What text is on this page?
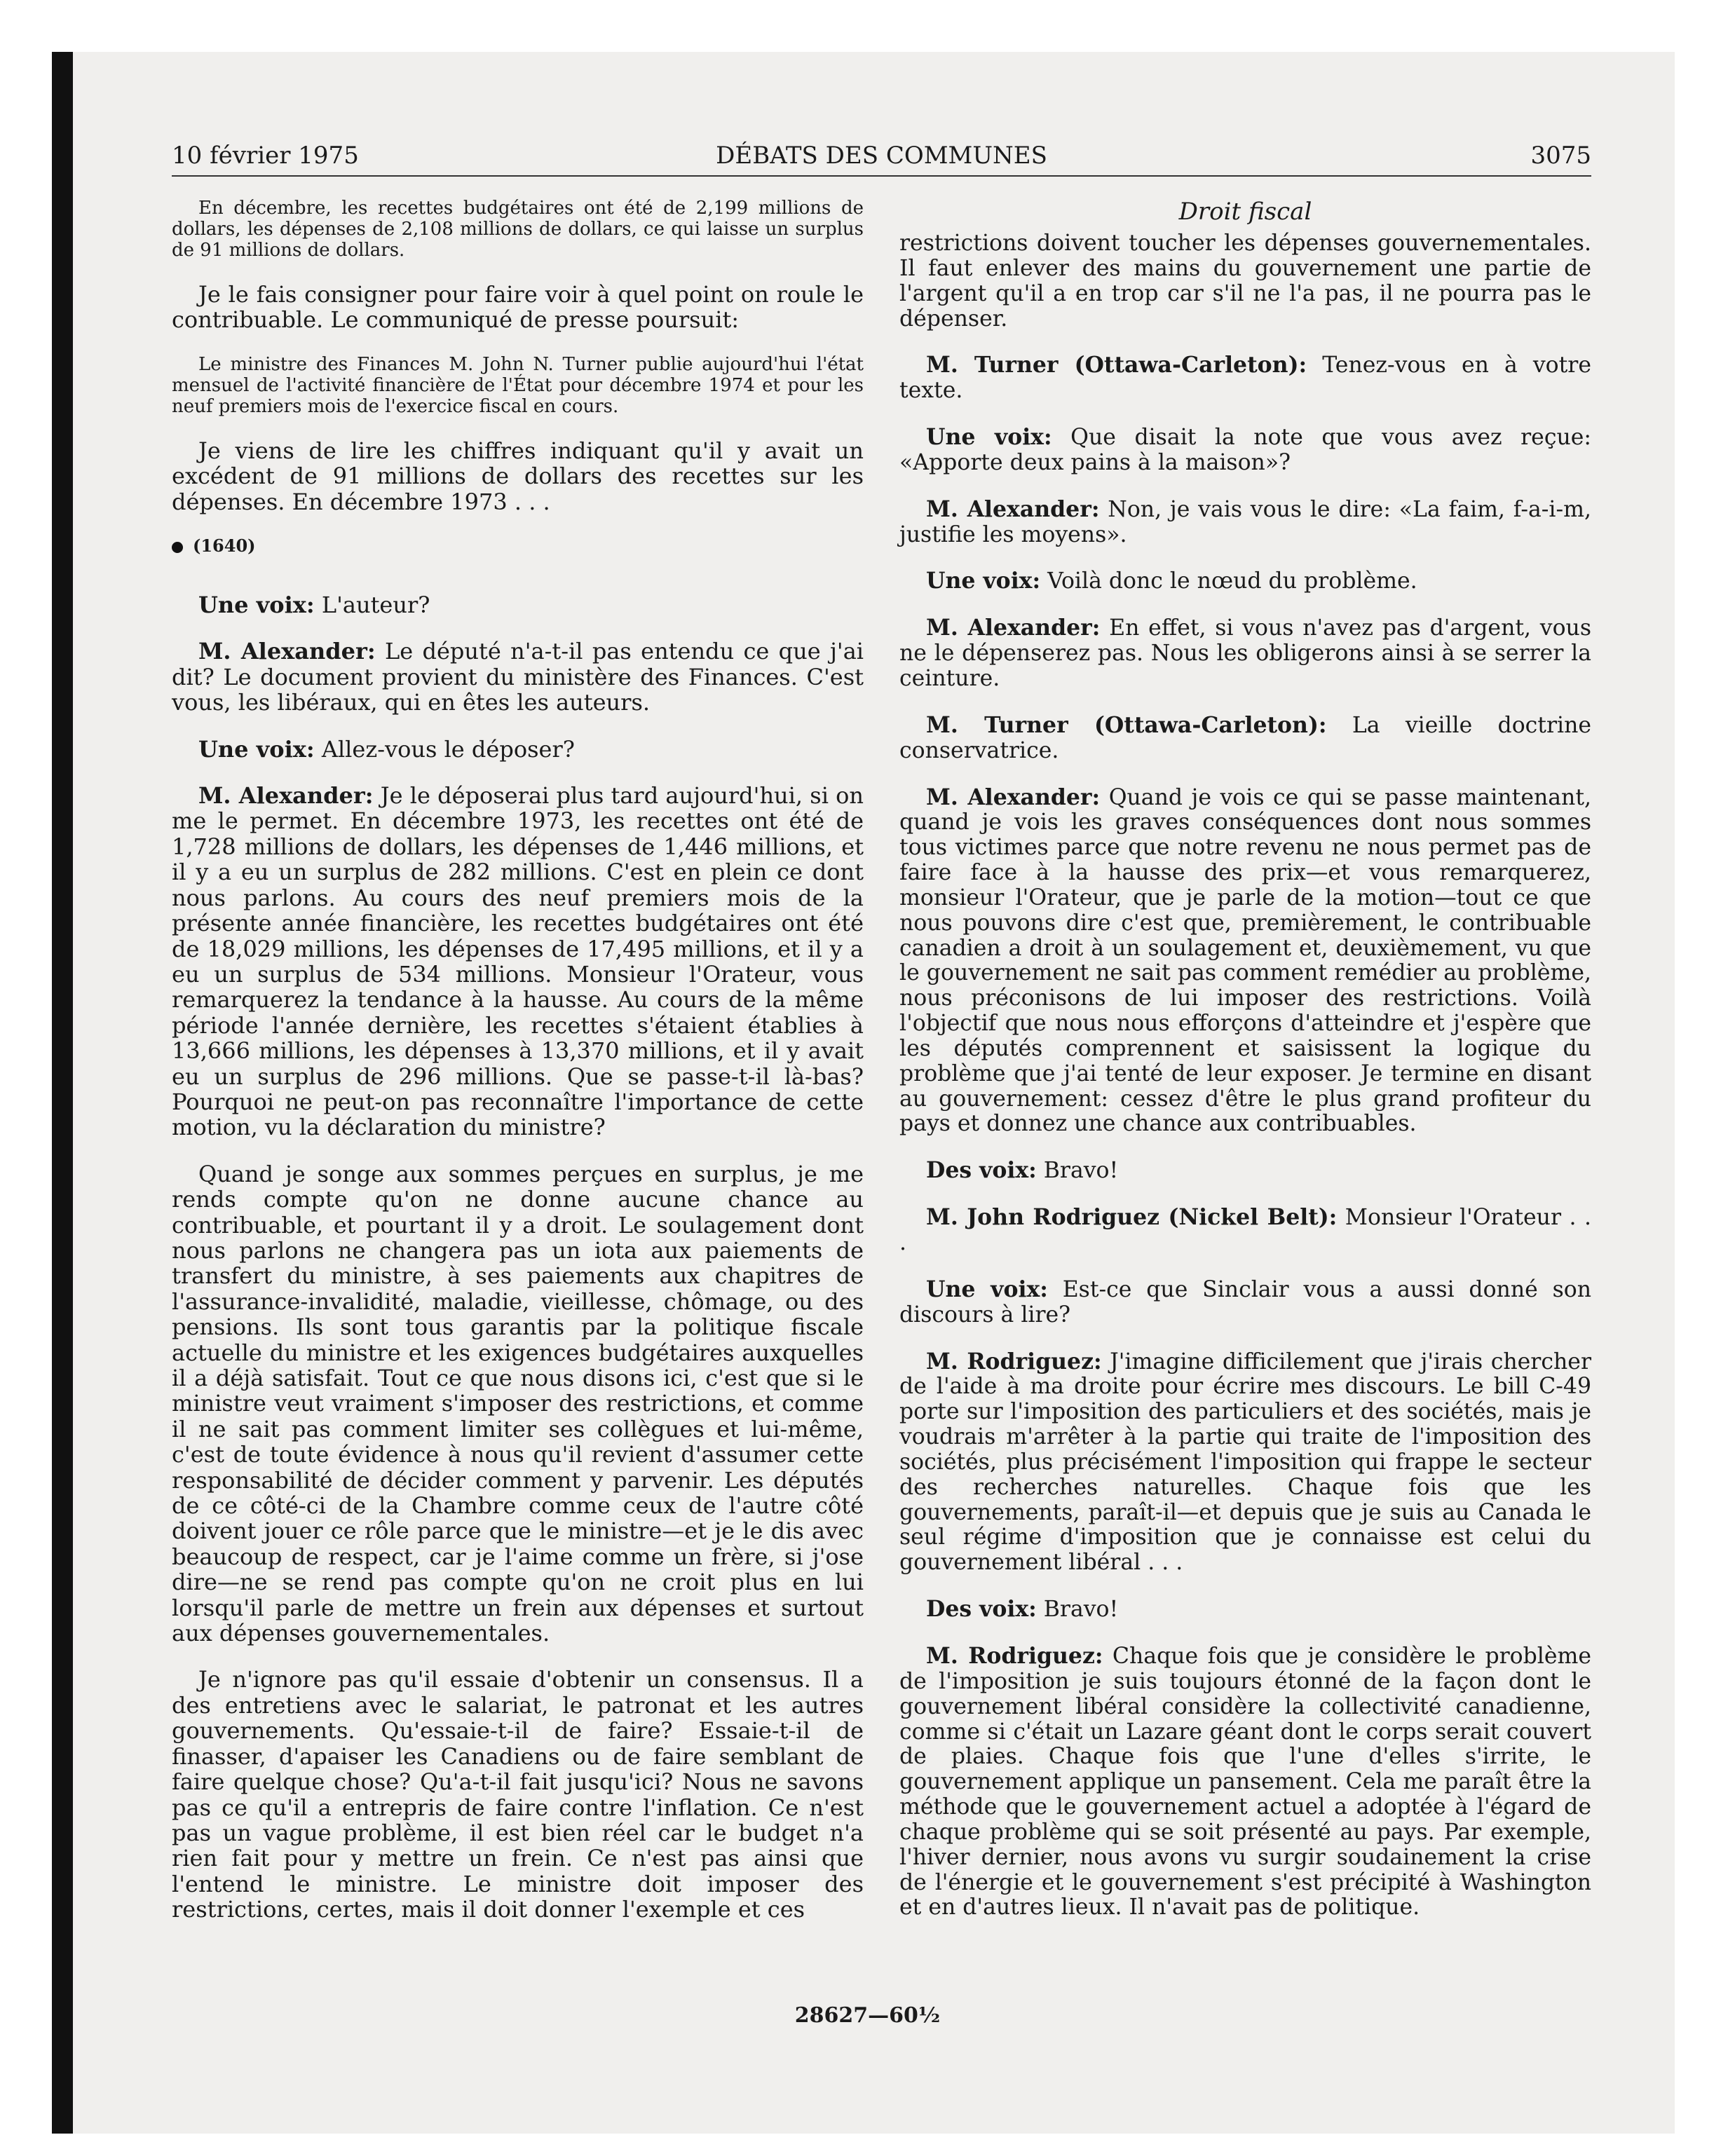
10 février 1975	DÉBATS DES COMMUNES	3075
En décembre, les recettes budgétaires ont été de 2,199 millions de dollars, les dépenses de 2,108 millions de dollars, ce qui laisse un surplus de 91 millions de dollars.
Je le fais consigner pour faire voir à quel point on roule le contribuable. Le communiqué de presse poursuit:
Le ministre des Finances M. John N. Turner publie aujourd'hui l'état mensuel de l'activité financière de l'État pour décembre 1974 et pour les neuf premiers mois de l'exercice fiscal en cours.
Je viens de lire les chiffres indiquant qu'il y avait un excédent de 91 millions de dollars des recettes sur les dépenses. En décembre 1973 . . .
(1640)
Une voix: L'auteur?
M. Alexander: Le député n'a-t-il pas entendu ce que j'ai dit? Le document provient du ministère des Finances. C'est vous, les libéraux, qui en êtes les auteurs.
Une voix: Allez-vous le déposer?
M. Alexander: Je le déposerai plus tard aujourd'hui, si on me le permet. En décembre 1973, les recettes ont été de 1,728 millions de dollars, les dépenses de 1,446 millions, et il y a eu un surplus de 282 millions. C'est en plein ce dont nous parlons. Au cours des neuf premiers mois de la présente année financière, les recettes budgétaires ont été de 18,029 millions, les dépenses de 17,495 millions, et il y a eu un surplus de 534 millions. Monsieur l'Orateur, vous remarquerez la tendance à la hausse. Au cours de la même période l'année dernière, les recettes s'étaient établies à 13,666 millions, les dépenses à 13,370 millions, et il y avait eu un surplus de 296 millions. Que se passe-t-il là-bas? Pourquoi ne peut-on pas reconnaître l'importance de cette motion, vu la déclaration du ministre?
Quand je songe aux sommes perçues en surplus, je me rends compte qu'on ne donne aucune chance au contribuable, et pourtant il y a droit. Le soulagement dont nous parlons ne changera pas un iota aux paiements de transfert du ministre, à ses paiements aux chapitres de l'assurance-invalidité, maladie, vieillesse, chômage, ou des pensions. Ils sont tous garantis par la politique fiscale actuelle du ministre et les exigences budgétaires auxquelles il a déjà satisfait. Tout ce que nous disons ici, c'est que si le ministre veut vraiment s'imposer des restrictions, et comme il ne sait pas comment limiter ses collègues et lui-même, c'est de toute évidence à nous qu'il revient d'assumer cette responsabilité de décider comment y parvenir. Les députés de ce côté-ci de la Chambre comme ceux de l'autre côté doivent jouer ce rôle parce que le ministre—et je le dis avec beaucoup de respect, car je l'aime comme un frère, si j'ose dire—ne se rend pas compte qu'on ne croit plus en lui lorsqu'il parle de mettre un frein aux dépenses et surtout aux dépenses gouvernementales.
Je n'ignore pas qu'il essaie d'obtenir un consensus. Il a des entretiens avec le salariat, le patronat et les autres gouvernements. Qu'essaie-t-il de faire? Essaie-t-il de finasser, d'apaiser les Canadiens ou de faire semblant de faire quelque chose? Qu'a-t-il fait jusqu'ici? Nous ne savons pas ce qu'il a entrepris de faire contre l'inflation. Ce n'est pas un vague problème, il est bien réel car le budget n'a rien fait pour y mettre un frein. Ce n'est pas ainsi que l'entend le ministre. Le ministre doit imposer des restrictions, certes, mais il doit donner l'exemple et ces
Droit fiscal
restrictions doivent toucher les dépenses gouvernementales. Il faut enlever des mains du gouvernement une partie de l'argent qu'il a en trop car s'il ne l'a pas, il ne pourra pas le dépenser.
M. Turner (Ottawa-Carleton): Tenez-vous en à votre texte.
Une voix: Que disait la note que vous avez reçue: «Apporte deux pains à la maison»?
M. Alexander: Non, je vais vous le dire: «La faim, f-a-i-m, justifie les moyens».
Une voix: Voilà donc le nœud du problème.
M. Alexander: En effet, si vous n'avez pas d'argent, vous ne le dépenserez pas. Nous les obligerons ainsi à se serrer la ceinture.
M. Turner (Ottawa-Carleton): La vieille doctrine conservatrice.
M. Alexander: Quand je vois ce qui se passe maintenant, quand je vois les graves conséquences dont nous sommes tous victimes parce que notre revenu ne nous permet pas de faire face à la hausse des prix—et vous remarquerez, monsieur l'Orateur, que je parle de la motion—tout ce que nous pouvons dire c'est que, premièrement, le contribuable canadien a droit à un soulagement et, deuxièmement, vu que le gouvernement ne sait pas comment remédier au problème, nous préconisons de lui imposer des restrictions. Voilà l'objectif que nous nous efforçons d'atteindre et j'espère que les députés comprennent et saisissent la logique du problème que j'ai tenté de leur exposer. Je termine en disant au gouvernement: cessez d'être le plus grand profiteur du pays et donnez une chance aux contribuables.
Des voix: Bravo!
M. John Rodriguez (Nickel Belt): Monsieur l'Orateur . . .
Une voix: Est-ce que Sinclair vous a aussi donné son discours à lire?
M. Rodriguez: J'imagine difficilement que j'irais chercher de l'aide à ma droite pour écrire mes discours. Le bill C-49 porte sur l'imposition des particuliers et des sociétés, mais je voudrais m'arrêter à la partie qui traite de l'imposition des sociétés, plus précisément l'imposition qui frappe le secteur des recherches naturelles. Chaque fois que les gouvernements, paraît-il—et depuis que je suis au Canada le seul régime d'imposition que je connaisse est celui du gouvernement libéral . . .
Des voix: Bravo!
M. Rodriguez: Chaque fois que je considère le problème de l'imposition je suis toujours étonné de la façon dont le gouvernement libéral considère la collectivité canadienne, comme si c'était un Lazare géant dont le corps serait couvert de plaies. Chaque fois que l'une d'elles s'irrite, le gouvernement applique un pansement. Cela me paraît être la méthode que le gouvernement actuel a adoptée à l'égard de chaque problème qui se soit présenté au pays. Par exemple, l'hiver dernier, nous avons vu surgir soudainement la crise de l'énergie et le gouvernement s'est précipité à Washington et en d'autres lieux. Il n'avait pas de politique.
28627—60½
